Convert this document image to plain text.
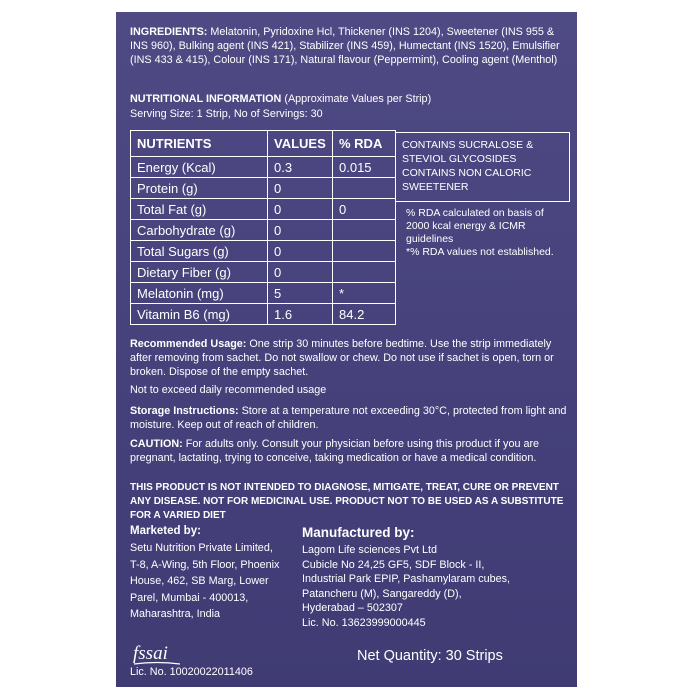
INGREDIENTS: Melatonin, Pyridoxine Hcl, Thickener (INS 1204), Sweetener (INS 955 & INS 960), Bulking agent (INS 421), Stabilizer (INS 459), Humectant (INS 1520), Emulsifier (INS 433 & 415), Colour (INS 171), Natural flavour (Peppermint), Cooling agent (Menthol)
NUTRITIONAL INFORMATION (Approximate Values per Strip)
Serving Size: 1 Strip, No of Servings: 30
NUTRIENTS	VALUES	% RDA
Energy (Kcal)	0.3	0.015
Protein (g)	0	
Total Fat (g)	0	0
Carbohydrate (g)	0	
Total Sugars (g)	0	
Dietary Fiber (g)	0	
Melatonin (mg)	5	*
Vitamin B6 (mg)	1.6	84.2
CONTAINS SUCRALOSE &
STEVIOL GLYCOSIDES
CONTAINS NON CALORIC
SWEETENER
% RDA calculated on basis of
2000 kcal energy & ICMR
guidelines
*% RDA values not established.
Recommended Usage: One strip 30 minutes before bedtime. Use the strip immediately after removing from sachet. Do not swallow or chew. Do not use if sachet is open, torn or broken. Dispose of the empty sachet.
Not to exceed daily recommended usage
Storage Instructions: Store at a temperature not exceeding 30°C, protected from light and moisture. Keep out of reach of children.
CAUTION: For adults only. Consult your physician before using this product if you are pregnant, lactating, trying to conceive, taking medication or have a medical condition.
THIS PRODUCT IS NOT INTENDED TO DIAGNOSE, MITIGATE, TREAT, CURE OR PREVENT ANY DISEASE. NOT FOR MEDICINAL USE. PRODUCT NOT TO BE USED AS A SUBSTITUTE FOR A VARIED DIET
Marketed by:
Setu Nutrition Private Limited,
T-8, A-Wing, 5th Floor, Phoenix
House, 462, SB Marg, Lower
Parel, Mumbai - 400013,
Maharashtra, India
Manufactured by:
Lagom Life sciences Pvt Ltd
Cubicle No 24,25 GF5, SDF Block - II,
Industrial Park EPIP, Pashamylaram cubes,
Patancheru (M), Sangareddy (D),
Hyderabad – 502307
Lic. No. 13623999000445
fssai
Lic. No. 10020022011406
Net Quantity: 30 Strips
